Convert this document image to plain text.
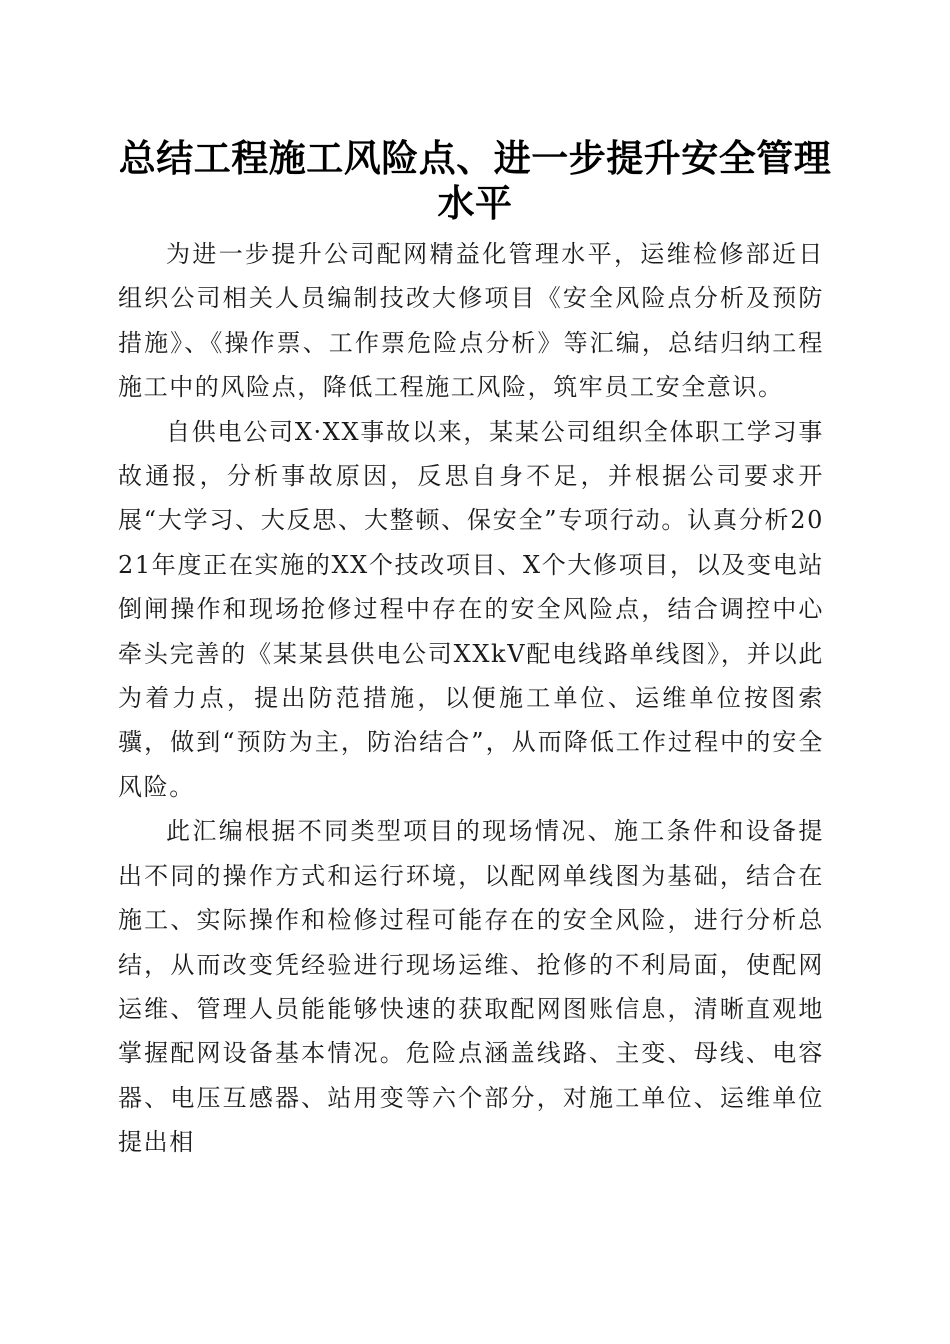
总结工程施工风险点、进一步提升安全管理水平

为进一步提升公司配网精益化管理水平，运维检修部近日组织公司相关人员编制技改大修项目《安全风险点分析及预防措施》、《操作票、工作票危险点分析》等汇编，总结归纳工程施工中的风险点，降低工程施工风险，筑牢员工安全意识。

自供电公司X·XX事故以来，某某公司组织全体职工学习事故通报，分析事故原因，反思自身不足，并根据公司要求开展“大学习、大反思、大整顿、保安全”专项行动。认真分析2021年度正在实施的XX个技改项目、X个大修项目，以及变电站倒闸操作和现场抢修过程中存在的安全风险点，结合调控中心牵头完善的《某某县供电公司XXkV配电线路单线图》，并以此为着力点，提出防范措施，以便施工单位、运维单位按图索骥，做到“预防为主，防治结合”，从而降低工作过程中的安全风险。

此汇编根据不同类型项目的现场情况、施工条件和设备提出不同的操作方式和运行环境，以配网单线图为基础，结合在施工、实际操作和检修过程可能存在的安全风险，进行分析总结，从而改变凭经验进行现场运维、抢修的不利局面，使配网运维、管理人员能能够快速的获取配网图账信息，清晰直观地掌握配网设备基本情况。危险点涵盖线路、主变、母线、电容器、电压互感器、站用变等六个部分，对施工单位、运维单位提出相
